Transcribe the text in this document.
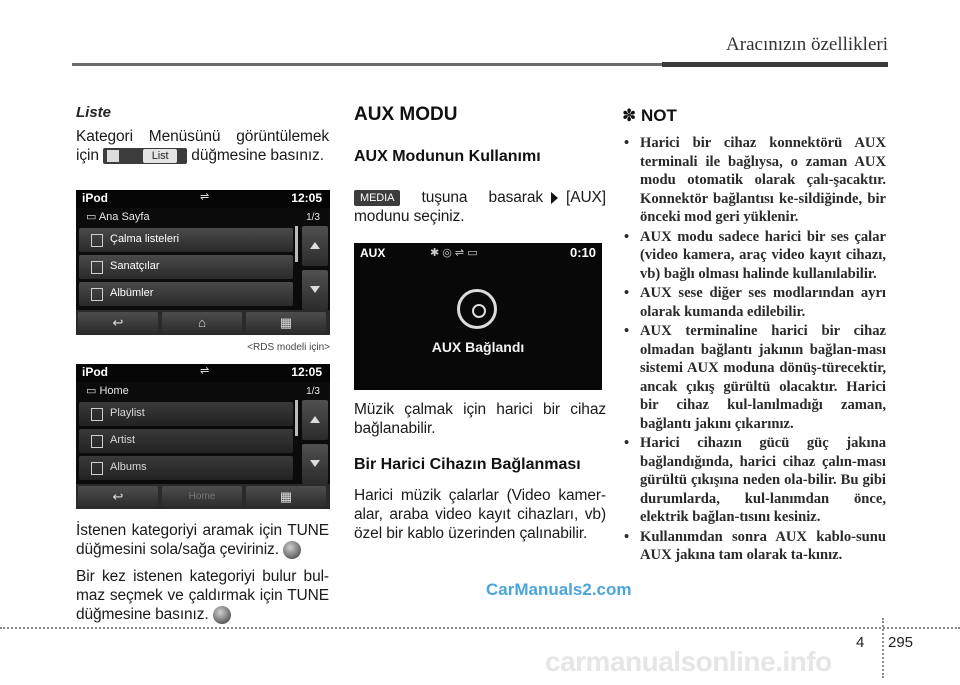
Aracınızın özellikleri
Liste

Kategori Menüsünü görüntülemek için	List	düğmesine basınız.

iPod	⇌	12:05
▭ Ana Sayfa	1/3
Çalma listeleri
Sanatçılar
Albümler
↩	⌂	▦
<RDS modeli için>
iPod	⇌	12:05
▭ Home	1/3
Playlist
Artist
Albums
↩	Home	▦

İstenen kategoriyi aramak için TUNE düğmesini sola/sağa çeviriniz.

Bir kez istenen kategoriyi bulur bul-maz seçmek ve çaldırmak için TUNE düğmesine basınız.

AUX MODU
AUX Modunun Kullanımı

MEDIA tuşuna basarak [AUX] modunu seçiniz.

AUX	✱ ◎ ⇌ ▭	0:10
AUX Bağlandı

Müzik çalmak için harici bir cihaz bağlanabilir.

Bir Harici Cihazın Bağlanması

Harici müzik çalarlar (Video kamer-alar, araba video kayıt cihazları, vb) özel bir kablo üzerinden çalınabilir.

✽ NOT
• Harici bir cihaz konnektörü AUX terminali ile bağlıysa, o zaman AUX modu otomatik olarak çalı-şacaktır. Konnektör bağlantısı ke-sildiğinde, bir önceki mod geri yüklenir.
• AUX modu sadece harici bir ses çalar (video kamera, araç video kayıt cihazı, vb) bağlı olması halinde kullanılabilir.
• AUX sese diğer ses modlarından ayrı olarak kumanda edilebilir.
• AUX terminaline harici bir cihaz olmadan bağlantı jakının bağlan-ması sistemi AUX moduna dönüş-türecektir, ancak çıkış gürültü olacaktır. Harici bir cihaz kul-lanılmadığı zaman, bağlantı jakını çıkarınız.
• Harici cihazın gücü güç jakına bağlandığında, harici cihaz çalın-ması gürültü çıkışına neden ola-bilir. Bu gibi durumlarda, kul-lanımdan önce, elektrik bağlan-tısını kesiniz.
• Kullanımdan sonra AUX kablo-sunu AUX jakına tam olarak ta-kınız.
CarManuals2.com
4 295
carmanualsonline.info
